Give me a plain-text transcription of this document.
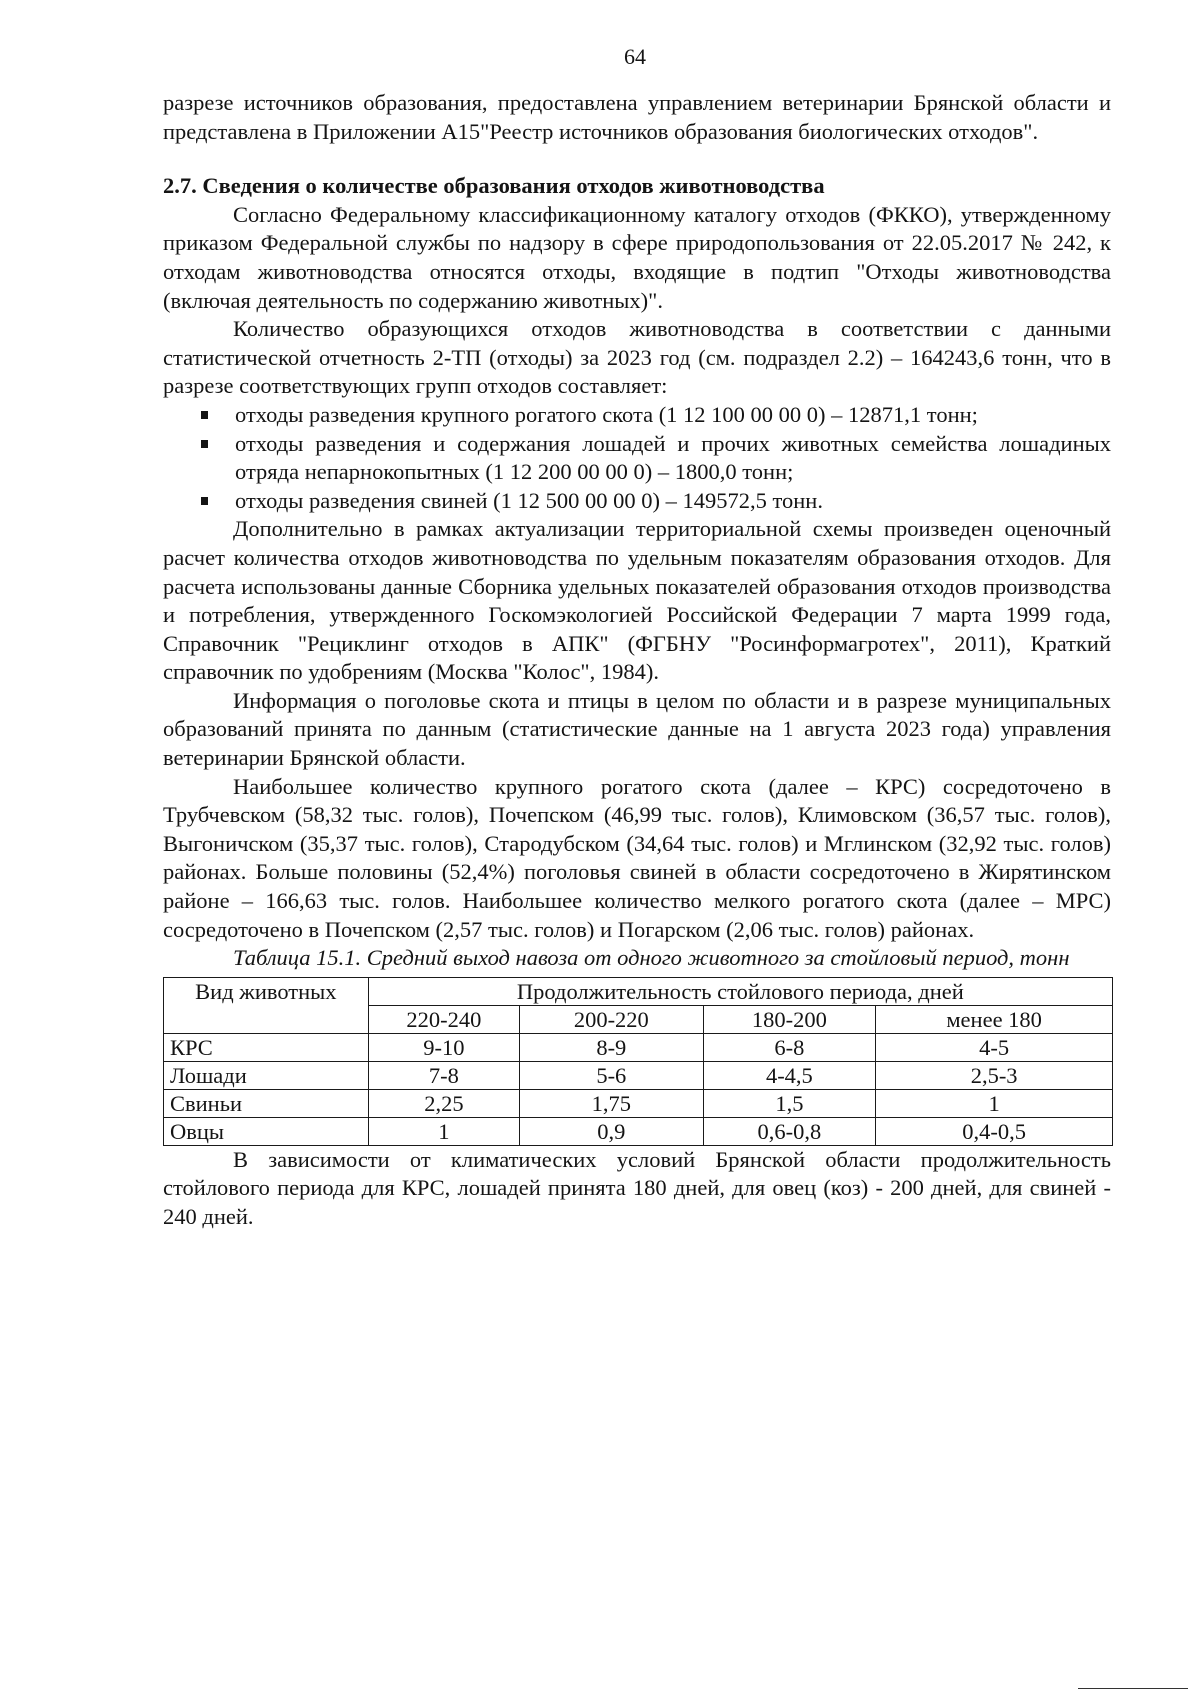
64

разрезе источников образования, предоставлена управлением ветеринарии Брянской области и представлена в Приложении А15"Реестр источников образования биологических отходов".

2.7. Сведения о количестве образования отходов животноводства

Согласно Федеральному классификационному каталогу отходов (ФККО), утвержденному приказом Федеральной службы по надзору в сфере природопользования от 22.05.2017 № 242, к отходам животноводства относятся отходы, входящие в подтип "Отходы животноводства (включая деятельность по содержанию животных)".

Количество образующихся отходов животноводства в соответствии с данными статистической отчетность 2-ТП (отходы) за 2023 год (см. подраздел 2.2) – 164243,6 тонн, что в разрезе соответствующих групп отходов составляет:

отходы разведения крупного рогатого скота (1 12 100 00 00 0) – 12871,1 тонн;
отходы разведения и содержания лошадей и прочих животных семейства лошадиных отряда непарнокопытных (1 12 200 00 00 0) – 1800,0 тонн;
отходы разведения свиней (1 12 500 00 00 0) – 149572,5 тонн.

Дополнительно в рамках актуализации территориальной схемы произведен оценочный расчет количества отходов животноводства по удельным показателям образования отходов. Для расчета использованы данные Сборника удельных показателей образования отходов производства и потребления, утвержденного Госкомэкологией Российской Федерации 7 марта 1999 года, Справочник "Рециклинг отходов в АПК" (ФГБНУ "Росинформагротех", 2011), Краткий справочник по удобрениям (Москва "Колос", 1984).

Информация о поголовье скота и птицы в целом по области и в разрезе муниципальных образований принята по данным (статистические данные на 1 августа 2023 года) управления ветеринарии Брянской области.

Наибольшее количество крупного рогатого скота (далее – КРС) сосредоточено в Трубчевском (58,32 тыс. голов), Почепском (46,99 тыс. голов), Климовском (36,57 тыс. голов), Выгоничском (35,37 тыс. голов), Стародубском (34,64 тыс. голов) и Мглинском (32,92 тыс. голов) районах. Больше половины (52,4%) поголовья свиней в области сосредоточено в Жирятинском районе – 166,63 тыс. голов. Наибольшее количество мелкого рогатого скота (далее – МРС) сосредоточено в Почепском (2,57 тыс. голов) и Погарском (2,06 тыс. голов) районах.

Таблица 15.1. Средний выход навоза от одного животного за стойловый период, тонн

Вид животных	Продолжительность стойлового периода, дней			
	220-240	200-220	180-200	менее 180
КРС	9-10	8-9	6-8	4-5
Лошади	7-8	5-6	4-4,5	2,5-3
Свиньи	2,25	1,75	1,5	1
Овцы	1	0,9	0,6-0,8	0,4-0,5

В зависимости от климатических условий Брянской области продолжительность стойлового периода для КРС, лошадей принята 180 дней, для овец (коз) - 200 дней, для свиней - 240 дней.
